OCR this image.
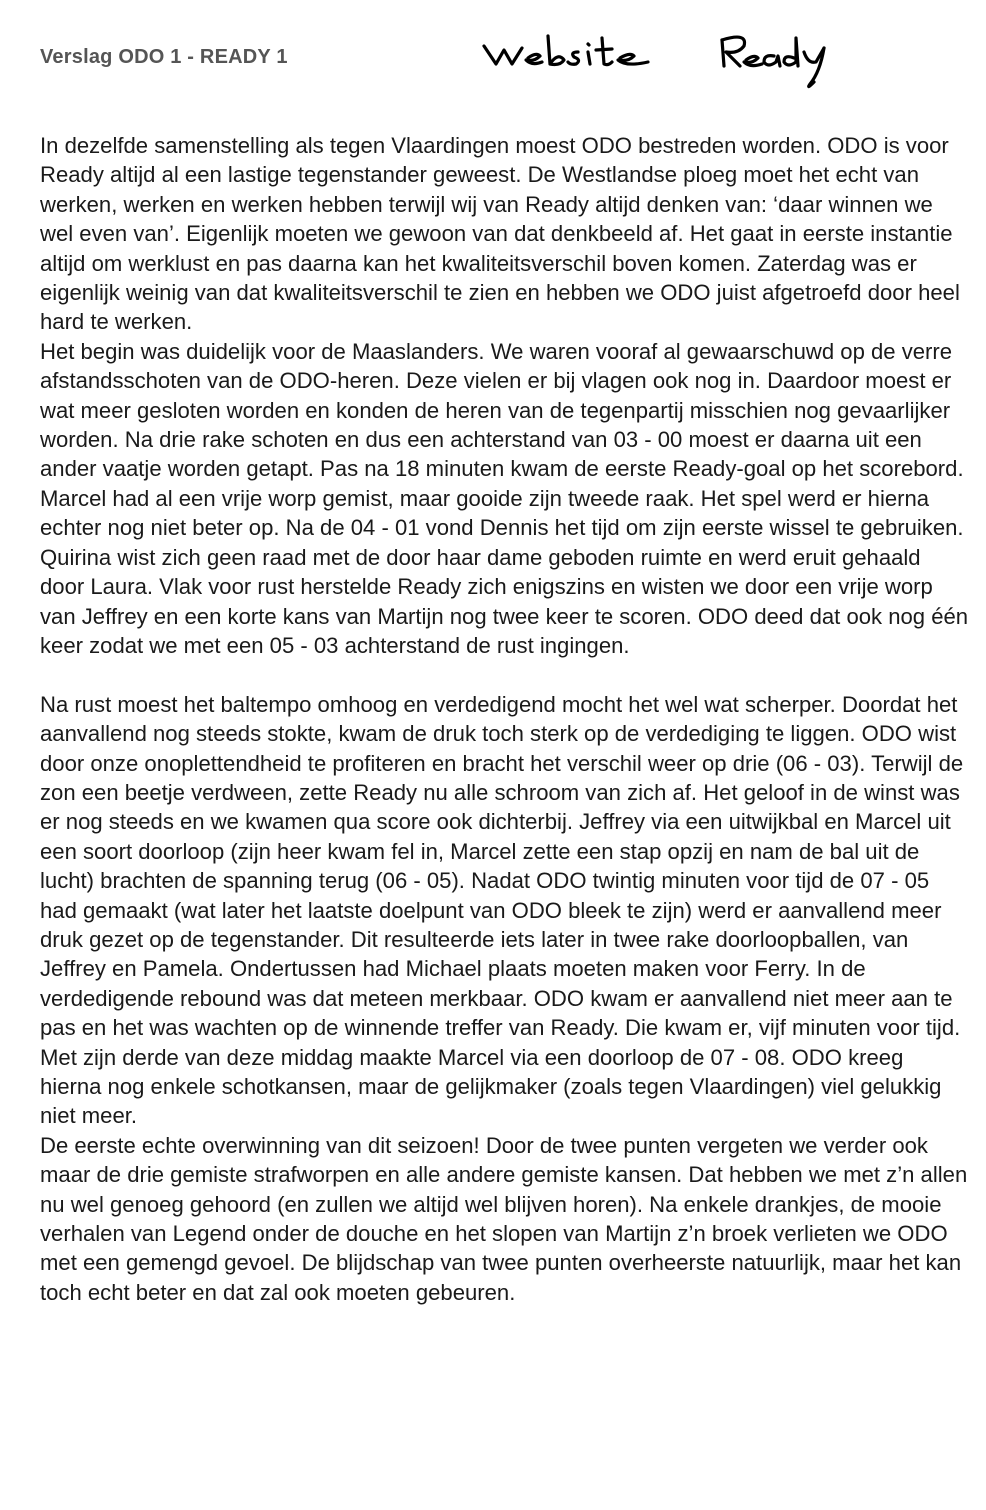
Verslag ODO 1 - READY 1

In dezelfde samenstelling als tegen Vlaardingen moest ODO bestreden worden. ODO is voor Ready altijd al een lastige tegenstander geweest. De Westlandse ploeg moet het echt van werken, werken en werken hebben terwijl wij van Ready altijd denken van: ‘daar winnen we wel even van’. Eigenlijk moeten we gewoon van dat denkbeeld af. Het gaat in eerste instantie altijd om werklust en pas daarna kan het kwaliteitsverschil boven komen. Zaterdag was er eigenlijk weinig van dat kwaliteitsverschil te zien en hebben we ODO juist afgetroefd door heel hard te werken.

Het begin was duidelijk voor de Maaslanders. We waren vooraf al gewaarschuwd op de verre afstandsschoten van de ODO-heren. Deze vielen er bij vlagen ook nog in. Daardoor moest er wat meer gesloten worden en konden de heren van de tegenpartij misschien nog gevaarlijker worden. Na drie rake schoten en dus een achterstand van 03 - 00 moest er daarna uit een ander vaatje worden getapt. Pas na 18 minuten kwam de eerste Ready-goal op het scorebord. Marcel had al een vrije worp gemist, maar gooide zijn tweede raak. Het spel werd er hierna echter nog niet beter op. Na de 04 - 01 vond Dennis het tijd om zijn eerste wissel te gebruiken. Quirina wist zich geen raad met de door haar dame geboden ruimte en werd eruit gehaald door Laura. Vlak voor rust herstelde Ready zich enigszins en wisten we door een vrije worp van Jeffrey en een korte kans van Martijn nog twee keer te scoren. ODO deed dat ook nog één keer zodat we met een 05 - 03 achterstand de rust ingingen.

Na rust moest het baltempo omhoog en verdedigend mocht het wel wat scherper. Doordat het aanvallend nog steeds stokte, kwam de druk toch sterk op de verdediging te liggen. ODO wist door onze onoplettendheid te profiteren en bracht het verschil weer op drie (06 - 03). Terwijl de zon een beetje verdween, zette Ready nu alle schroom van zich af. Het geloof in de winst was er nog steeds en we kwamen qua score ook dichterbij. Jeffrey via een uitwijkbal en Marcel uit een soort doorloop (zijn heer kwam fel in, Marcel zette een stap opzij en nam de bal uit de lucht) brachten de spanning terug (06 - 05). Nadat ODO twintig minuten voor tijd de 07 - 05 had gemaakt (wat later het laatste doelpunt van ODO bleek te zijn) werd er aanvallend meer druk gezet op de tegenstander. Dit resulteerde iets later in twee rake doorloopballen, van Jeffrey en Pamela. Ondertussen had Michael plaats moeten maken voor Ferry. In de verdedigende rebound was dat meteen merkbaar. ODO kwam er aanvallend niet meer aan te pas en het was wachten op de winnende treffer van Ready. Die kwam er, vijf minuten voor tijd. Met zijn derde van deze middag maakte Marcel via een doorloop de 07 - 08. ODO kreeg hierna nog enkele schotkansen, maar de gelijkmaker (zoals tegen Vlaardingen) viel gelukkig niet meer.

De eerste echte overwinning van dit seizoen! Door de twee punten vergeten we verder ook maar de drie gemiste strafworpen en alle andere gemiste kansen. Dat hebben we met z’n allen nu wel genoeg gehoord (en zullen we altijd wel blijven horen). Na enkele drankjes, de mooie verhalen van Legend onder de douche en het slopen van Martijn z’n broek verlieten we ODO met een gemengd gevoel. De blijdschap van twee punten overheerste natuurlijk, maar het kan toch echt beter en dat zal ook moeten gebeuren.
